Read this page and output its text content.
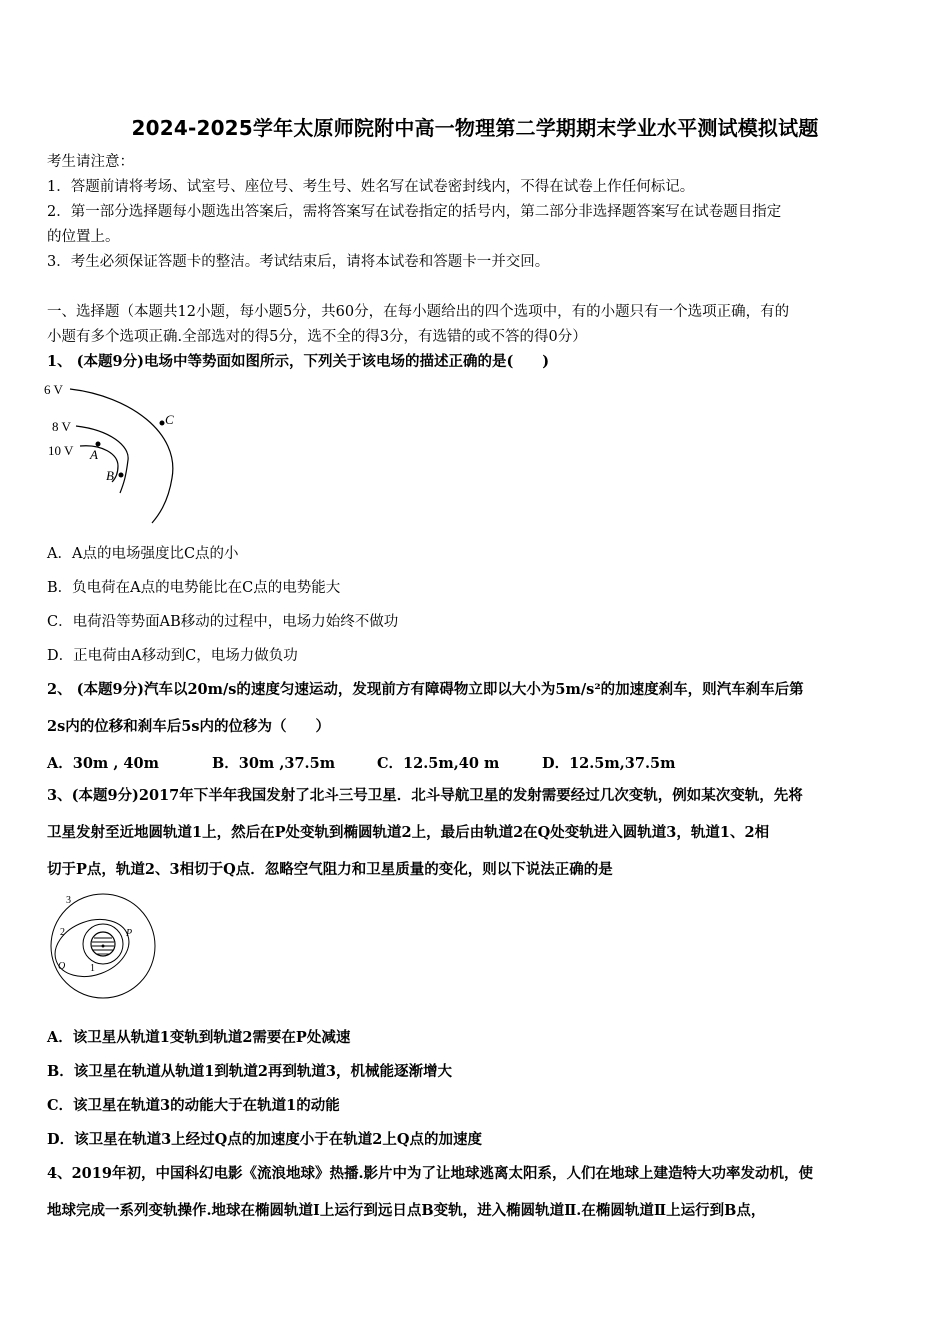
2024-2025学年太原师院附中高一物理第二学期期末学业水平测试模拟试题
考生请注意：
1．答题前请将考场、试室号、座位号、考生号、姓名写在试卷密封线内，不得在试卷上作任何标记。
2．第一部分选择题每小题选出答案后，需将答案写在试卷指定的括号内，第二部分非选择题答案写在试卷题目指定
的位置上。
3．考生必须保证答题卡的整洁。考试结束后，请将本试卷和答题卡一并交回。
一、选择题（本题共12小题，每小题5分，共60分，在每小题给出的四个选项中，有的小题只有一个选项正确，有的
小题有多个选项正确.全部选对的得5分，选不全的得3分，有选错的或不答的得0分）
1、 (本题9分)电场中等势面如图所示，下列关于该电场的描述正确的是(　　)
6 V
8 V
10 V A
B
C
A．A点的电场强度比C点的小
B．负电荷在A点的电势能比在C点的电势能大
C．电荷沿等势面AB移动的过程中，电场力始终不做功
D．正电荷由A移动到C，电场力做负功
2、 (本题9分)汽车以20m/s的速度匀速运动，发现前方有障碍物立即以大小为5m/s²的加速度刹车，则汽车刹车后第
2s内的位移和刹车后5s内的位移为（　　）
A．30m , 40m	B．30m ,37.5m	C．12.5m,40 m	D．12.5m,37.5m
3、(本题9分)2017年下半年我国发射了北斗三号卫星．北斗导航卫星的发射需要经过几次变轨，例如某次变轨，先将
卫星发射至近地圆轨道1上，然后在P处变轨到椭圆轨道2上，最后由轨道2在Q处变轨进入圆轨道3，轨道1、2相
切于P点，轨道2、3相切于Q点．忽略空气阻力和卫星质量的变化，则以下说法正确的是
3
2
1
P
Q
A．该卫星从轨道1变轨到轨道2需要在P处减速
B．该卫星在轨道从轨道1到轨道2再到轨道3，机械能逐渐增大
C．该卫星在轨道3的动能大于在轨道1的动能
D．该卫星在轨道3上经过Q点的加速度小于在轨道2上Q点的加速度
4、2019年初，中国科幻电影《流浪地球》热播.影片中为了让地球逃离太阳系，人们在地球上建造特大功率发动机，使
地球完成一系列变轨操作.地球在椭圆轨道Ⅰ上运行到远日点B变轨，进入椭圆轨道Ⅱ.在椭圆轨道Ⅱ上运行到B点，
